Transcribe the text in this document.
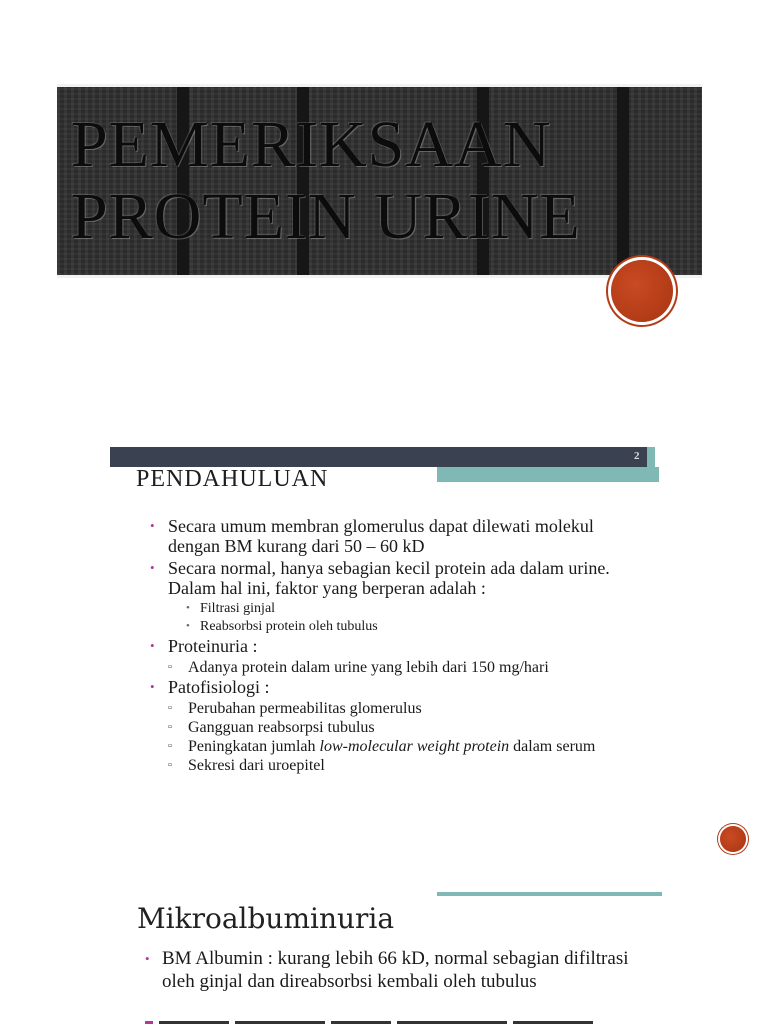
PEMERIKSAAN
PROTEIN URINE
2
PENDAHULUAN
• Secara umum membran glomerulus dapat dilewati molekul dengan BM kurang dari 50 – 60 kD
• Secara normal, hanya sebagian kecil protein ada dalam urine. Dalam hal ini, faktor yang berperan adalah :
• Filtrasi ginjal
• Reabsorbsi protein oleh tubulus
• Proteinuria :
▫ Adanya protein dalam urine yang lebih dari 150 mg/hari
• Patofisiologi :
▫ Perubahan permeabilitas glomerulus
▫ Gangguan reabsorpsi tubulus
▫ Peningkatan jumlah low-molecular weight protein dalam serum
▫ Sekresi dari uroepitel
Mikroalbuminuria
• BM Albumin : kurang lebih 66 kD, normal sebagian difiltrasi oleh ginjal dan direabsorbsi kembali oleh tubulus
